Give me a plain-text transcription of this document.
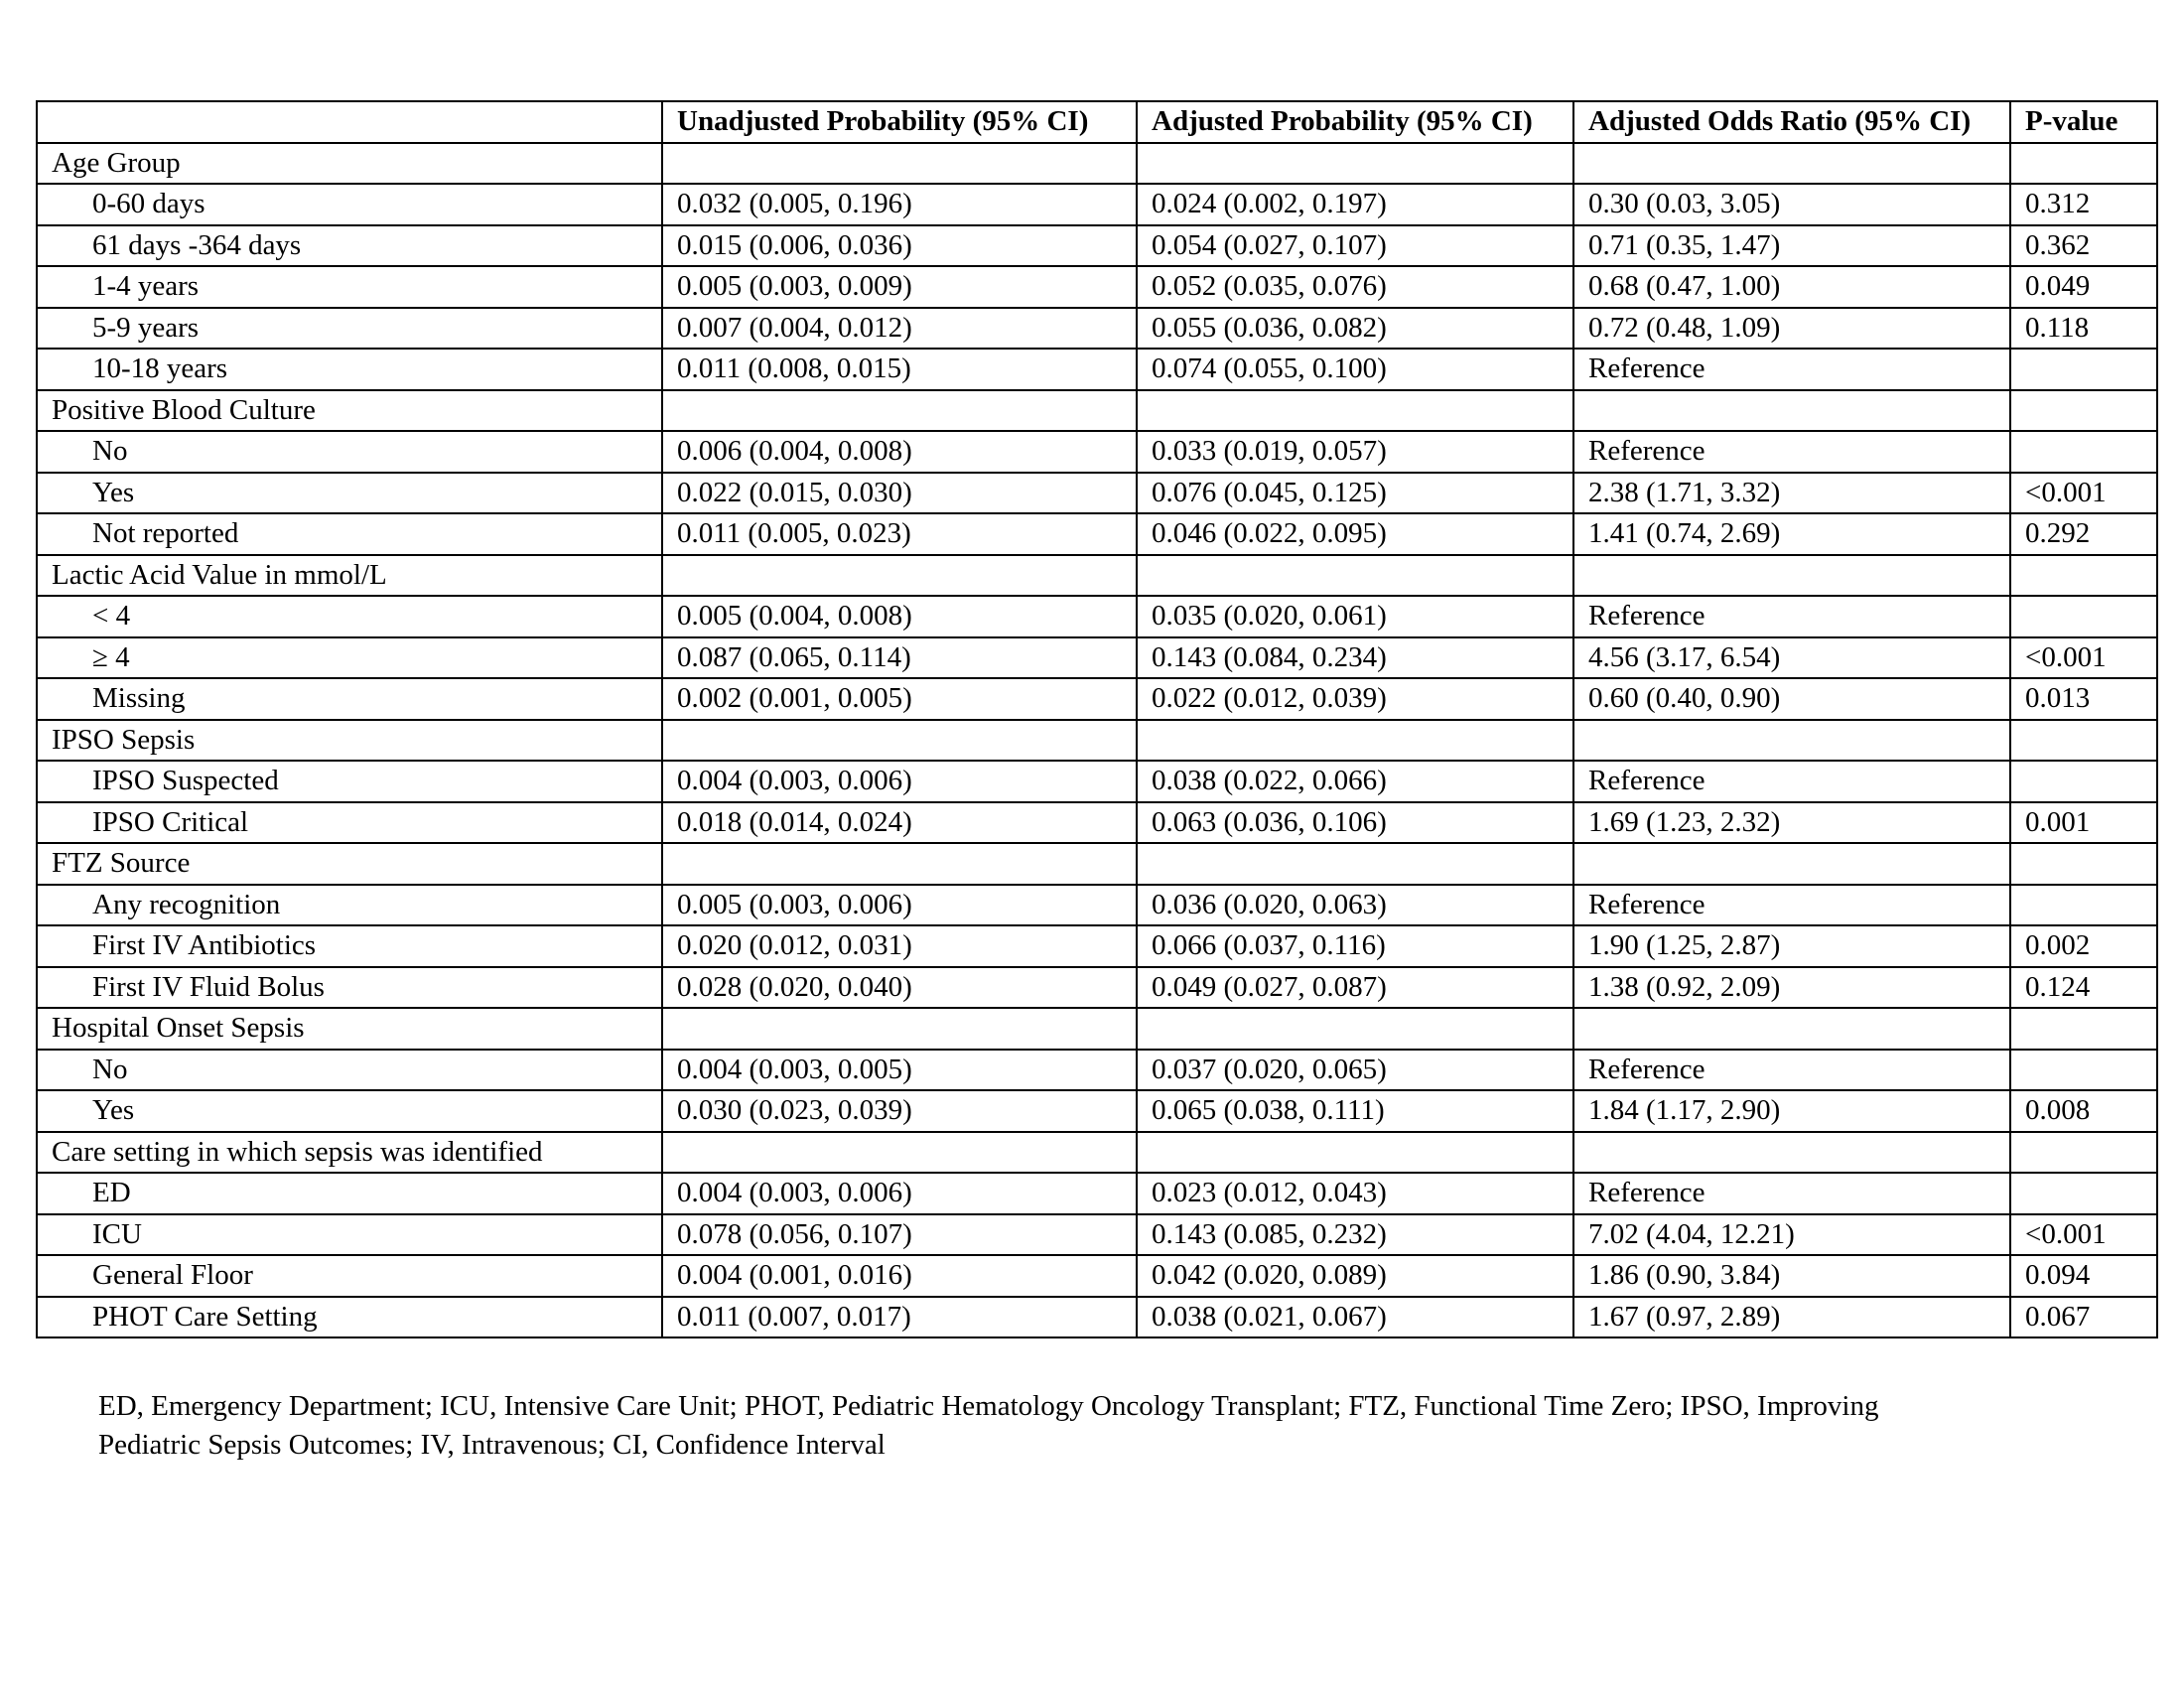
	Unadjusted Probability (95% CI)	Adjusted Probability (95% CI)	Adjusted Odds Ratio (95% CI)	P-value
Age Group				
0-60 days	0.032 (0.005, 0.196)	0.024 (0.002, 0.197)	0.30 (0.03, 3.05)	0.312
61 days -364 days	0.015 (0.006, 0.036)	0.054 (0.027, 0.107)	0.71 (0.35, 1.47)	0.362
1-4 years	0.005 (0.003, 0.009)	0.052 (0.035, 0.076)	0.68 (0.47, 1.00)	0.049
5-9 years	0.007 (0.004, 0.012)	0.055 (0.036, 0.082)	0.72 (0.48, 1.09)	0.118
10-18 years	0.011 (0.008, 0.015)	0.074 (0.055, 0.100)	Reference	
Positive Blood Culture				
No	0.006 (0.004, 0.008)	0.033 (0.019, 0.057)	Reference	
Yes	0.022 (0.015, 0.030)	0.076 (0.045, 0.125)	2.38 (1.71, 3.32)	<0.001
Not reported	0.011 (0.005, 0.023)	0.046 (0.022, 0.095)	1.41 (0.74, 2.69)	0.292
Lactic Acid Value in mmol/L				
< 4	0.005 (0.004, 0.008)	0.035 (0.020, 0.061)	Reference	
≥ 4	0.087 (0.065, 0.114)	0.143 (0.084, 0.234)	4.56 (3.17, 6.54)	<0.001
Missing	0.002 (0.001, 0.005)	0.022 (0.012, 0.039)	0.60 (0.40, 0.90)	0.013
IPSO Sepsis				
IPSO Suspected	0.004 (0.003, 0.006)	0.038 (0.022, 0.066)	Reference	
IPSO Critical	0.018 (0.014, 0.024)	0.063 (0.036, 0.106)	1.69 (1.23, 2.32)	0.001
FTZ Source				
Any recognition	0.005 (0.003, 0.006)	0.036 (0.020, 0.063)	Reference	
First IV Antibiotics	0.020 (0.012, 0.031)	0.066 (0.037, 0.116)	1.90 (1.25, 2.87)	0.002
First IV Fluid Bolus	0.028 (0.020, 0.040)	0.049 (0.027, 0.087)	1.38 (0.92, 2.09)	0.124
Hospital Onset Sepsis				
No	0.004 (0.003, 0.005)	0.037 (0.020, 0.065)	Reference	
Yes	0.030 (0.023, 0.039)	0.065 (0.038, 0.111)	1.84 (1.17, 2.90)	0.008
Care setting in which sepsis was identified				
ED	0.004 (0.003, 0.006)	0.023 (0.012, 0.043)	Reference	
ICU	0.078 (0.056, 0.107)	0.143 (0.085, 0.232)	7.02 (4.04, 12.21)	<0.001
General Floor	0.004 (0.001, 0.016)	0.042 (0.020, 0.089)	1.86 (0.90, 3.84)	0.094
PHOT Care Setting	0.011 (0.007, 0.017)	0.038 (0.021, 0.067)	1.67 (0.97, 2.89)	0.067
ED, Emergency Department; ICU, Intensive Care Unit; PHOT, Pediatric Hematology Oncology Transplant; FTZ, Functional Time Zero; IPSO, Improving
Pediatric Sepsis Outcomes; IV, Intravenous; CI, Confidence Interval
